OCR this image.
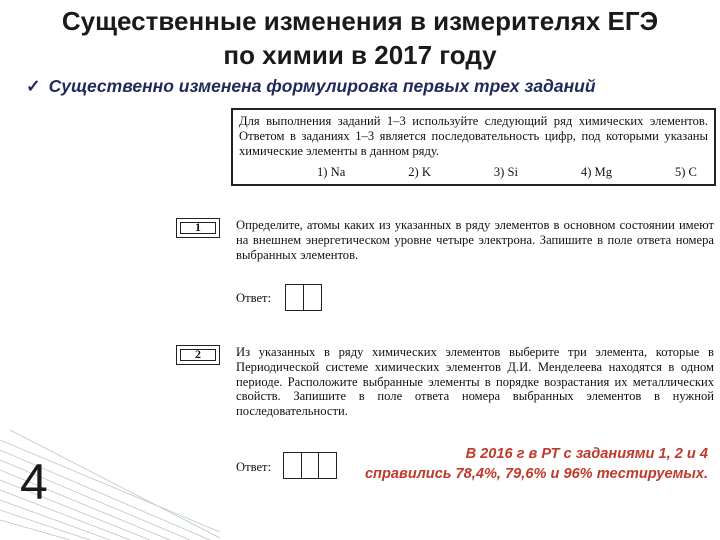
Существенные изменения в измерителях ЕГЭ
по химии в 2017 году
✓ Существенно изменена формулировка первых трех заданий
Для выполнения заданий 1–3 используйте следующий ряд химических элементов. Ответом в заданиях 1–3 является последовательность цифр, под которыми указаны химические элементы в данном ряду.
1) Na	2) K	3) Si	4) Mg	5) C
1	Определите, атомы каких из указанных в ряду элементов в основном состоянии имеют на внешнем энергетическом уровне четыре электрона. Запишите в поле ответа номера выбранных элементов.
Ответ:
2	Из указанных в ряду химических элементов выберите три элемента, которые в Периодической системе химических элементов Д.И. Менделеева находятся в одном периоде. Расположите выбранные элементы в порядке возрастания их металлических свойств. Запишите в поле ответа номера выбранных элементов в нужной последовательности.
Ответ:
В 2016 г в РТ с заданиями 1, 2 и 4
справились 78,4%, 79,6% и 96% тестируемых.
4
